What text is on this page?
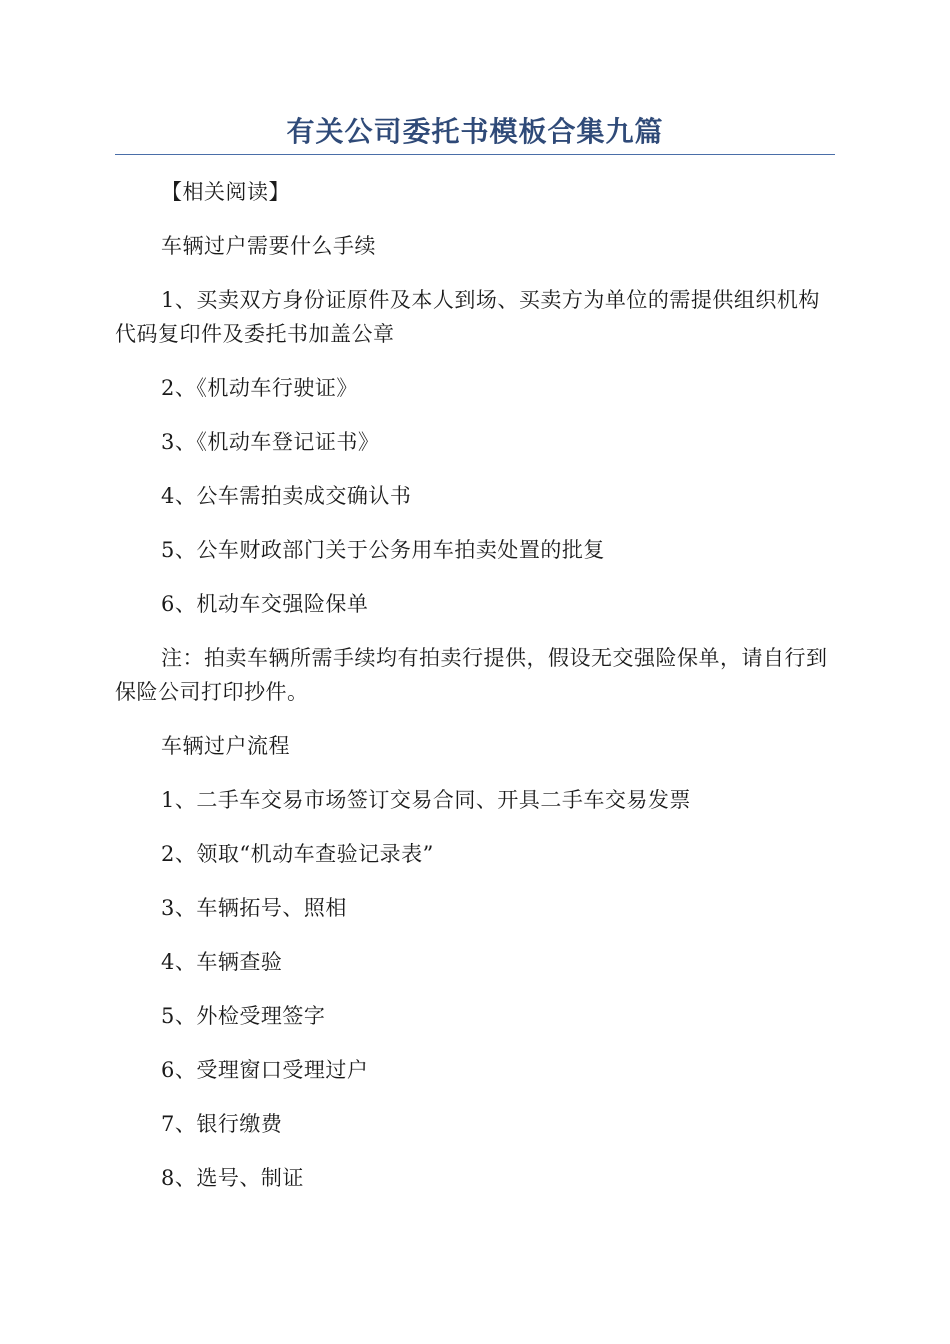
有关公司委托书模板合集九篇

【相关阅读】

车辆过户需要什么手续

1、买卖双方身份证原件及本人到场、买卖方为单位的需提供组织机构代码复印件及委托书加盖公章

2、《机动车行驶证》

3、《机动车登记证书》

4、公车需拍卖成交确认书

5、公车财政部门关于公务用车拍卖处置的批复

6、机动车交强险保单

注：拍卖车辆所需手续均有拍卖行提供，假设无交强险保单，请自行到保险公司打印抄件。

车辆过户流程

1、二手车交易市场签订交易合同、开具二手车交易发票

2、领取“机动车查验记录表”

3、车辆拓号、照相

4、车辆查验

5、外检受理签字

6、受理窗口受理过户

7、银行缴费

8、选号、制证
